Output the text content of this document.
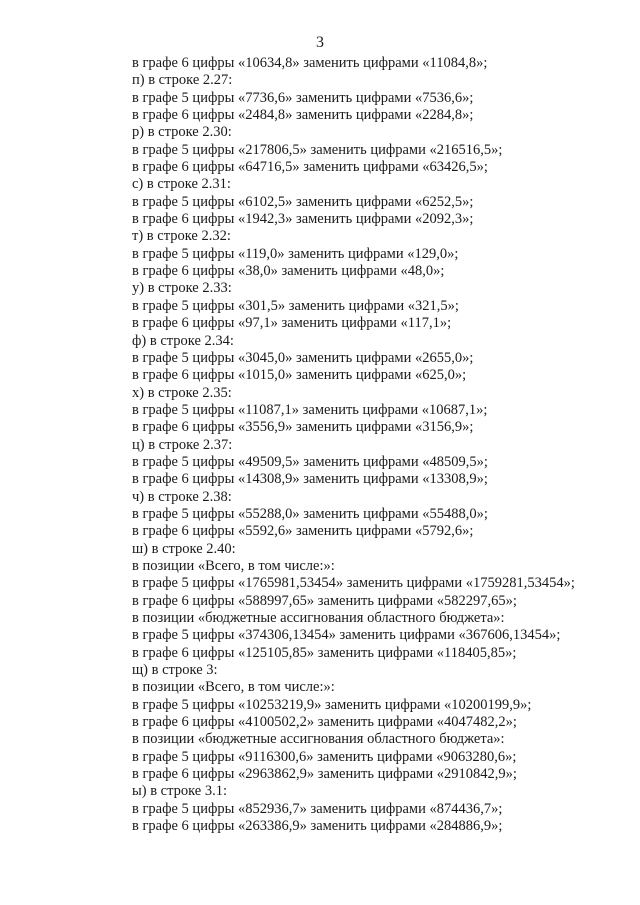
3
в графе 6 цифры «10634,8» заменить цифрами «11084,8»;
п) в строке 2.27:
в графе 5 цифры «7736,6» заменить цифрами «7536,6»;
в графе 6 цифры «2484,8» заменить цифрами «2284,8»;
р) в строке 2.30:
в графе 5 цифры «217806,5» заменить цифрами «216516,5»;
в графе 6 цифры «64716,5» заменить цифрами «63426,5»;
с) в строке 2.31:
в графе 5 цифры «6102,5» заменить цифрами «6252,5»;
в графе 6 цифры «1942,3» заменить цифрами «2092,3»;
т) в строке 2.32:
в графе 5 цифры «119,0» заменить цифрами «129,0»;
в графе 6 цифры «38,0» заменить цифрами «48,0»;
у) в строке 2.33:
в графе 5 цифры «301,5» заменить цифрами «321,5»;
в графе 6 цифры «97,1» заменить цифрами «117,1»;
ф) в строке 2.34:
в графе 5 цифры «3045,0» заменить цифрами «2655,0»;
в графе 6 цифры «1015,0» заменить цифрами «625,0»;
х) в строке 2.35:
в графе 5 цифры «11087,1» заменить цифрами «10687,1»;
в графе 6 цифры «3556,9» заменить цифрами «3156,9»;
ц) в строке 2.37:
в графе 5 цифры «49509,5» заменить цифрами «48509,5»;
в графе 6 цифры «14308,9» заменить цифрами «13308,9»;
ч) в строке 2.38:
в графе 5 цифры «55288,0» заменить цифрами «55488,0»;
в графе 6 цифры «5592,6» заменить цифрами «5792,6»;
ш) в строке 2.40:
в позиции «Всего, в том числе:»:
в графе 5 цифры «1765981,53454» заменить цифрами «1759281,53454»;
в графе 6 цифры «588997,65» заменить цифрами «582297,65»;
в позиции «бюджетные ассигнования областного бюджета»:
в графе 5 цифры «374306,13454» заменить цифрами «367606,13454»;
в графе 6 цифры «125105,85» заменить цифрами «118405,85»;
щ) в строке 3:
в позиции «Всего, в том числе:»:
в графе 5 цифры «10253219,9» заменить цифрами «10200199,9»;
в графе 6 цифры «4100502,2» заменить цифрами «4047482,2»;
в позиции «бюджетные ассигнования областного бюджета»:
в графе 5 цифры «9116300,6» заменить цифрами «9063280,6»;
в графе 6 цифры «2963862,9» заменить цифрами «2910842,9»;
ы) в строке 3.1:
в графе 5 цифры «852936,7» заменить цифрами «874436,7»;
в графе 6 цифры «263386,9» заменить цифрами «284886,9»;
